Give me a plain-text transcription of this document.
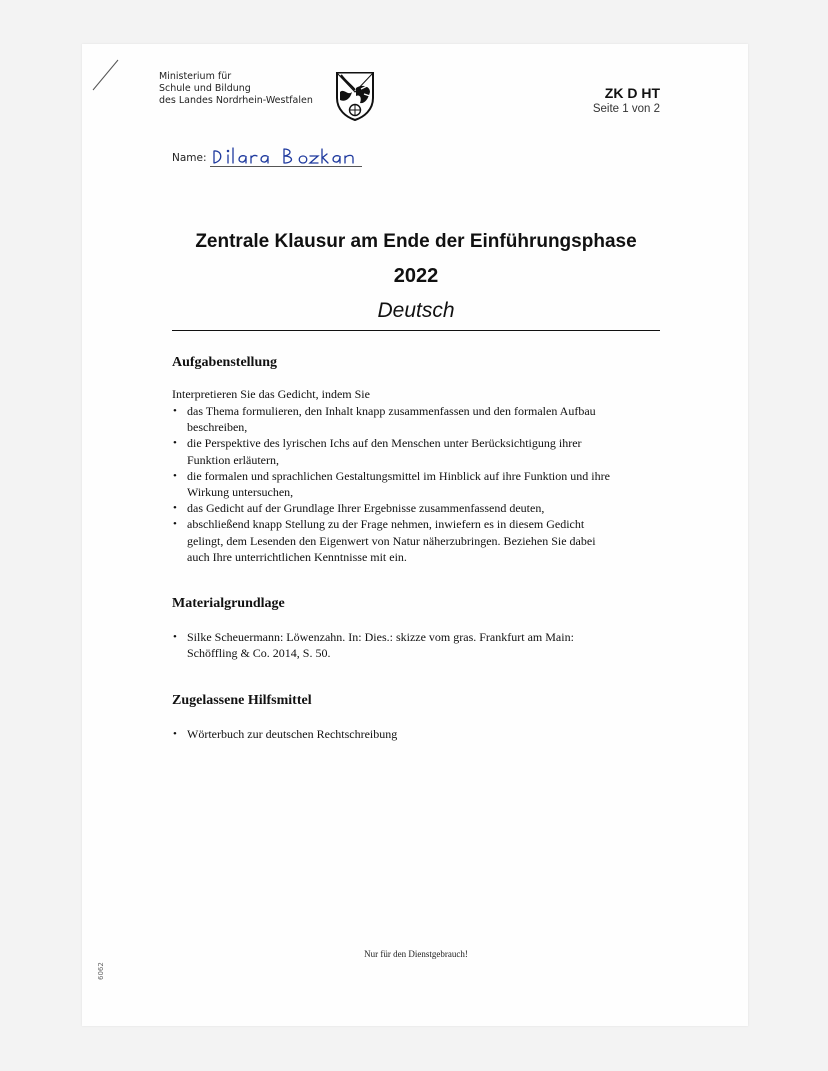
Ministerium für
Schule und Bildung
des Landes Nordrhein-Westfalen	ZK D HT
Seite 1 von 2
Name:
Zentrale Klausur am Ende der Einführungsphase
2022
Deutsch
Aufgabenstellung
Interpretieren Sie das Gedicht, indem Sie
• das Thema formulieren, den Inhalt knapp zusammenfassen und den formalen Aufbau
beschreiben,
• die Perspektive des lyrischen Ichs auf den Menschen unter Berücksichtigung ihrer
Funktion erläutern,
• die formalen und sprachlichen Gestaltungsmittel im Hinblick auf ihre Funktion und ihre
Wirkung untersuchen,
• das Gedicht auf der Grundlage Ihrer Ergebnisse zusammenfassend deuten,
• abschließend knapp Stellung zu der Frage nehmen, inwiefern es in diesem Gedicht
gelingt, dem Lesenden den Eigenwert von Natur näherzubringen. Beziehen Sie dabei
auch Ihre unterrichtlichen Kenntnisse mit ein.
Materialgrundlage
• Silke Scheuermann: Löwenzahn. In: Dies.: skizze vom gras. Frankfurt am Main:
Schöffling & Co. 2014, S. 50.
Zugelassene Hilfsmittel
• Wörterbuch zur deutschen Rechtschreibung
Nur für den Dienstgebrauch!
6062
